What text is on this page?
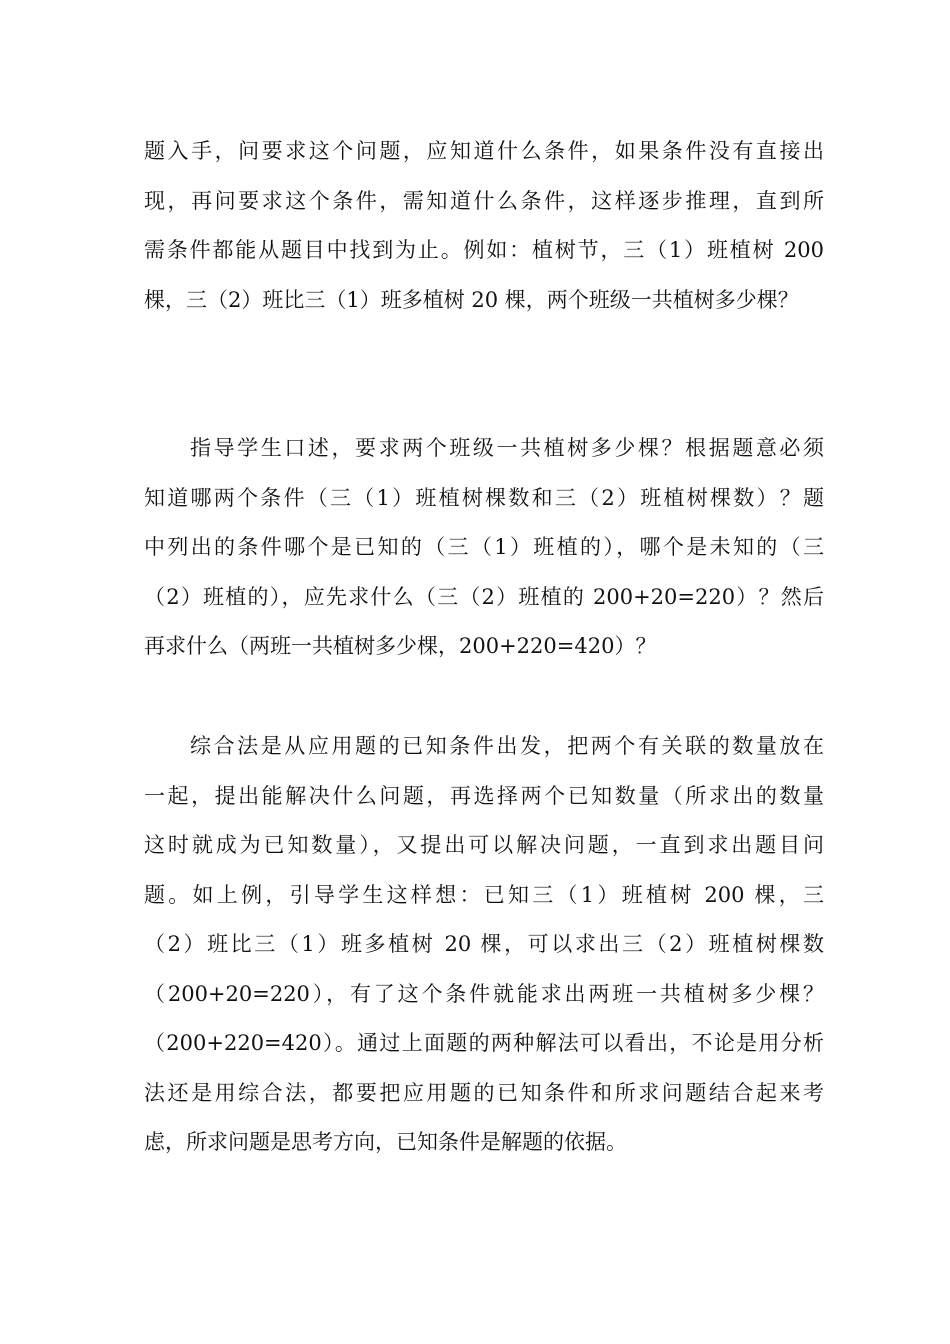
题入手，问要求这个问题，应知道什么条件，如果条件没有直接出
现，再问要求这个条件，需知道什么条件，这样逐步推理，直到所
需条件都能从题目中找到为止。例如：植树节，三（1）班植树 200
棵，三（2）班比三（1）班多植树 20 棵，两个班级一共植树多少棵？
指导学生口述，要求两个班级一共植树多少棵？根据题意必须
知道哪两个条件（三（1）班植树棵数和三（2）班植树棵数）？题
中列出的条件哪个是已知的（三（1）班植的），哪个是未知的（三
（2）班植的），应先求什么（三（2）班植的 200+20=220）？然后
再求什么（两班一共植树多少棵，200+220=420）？
综合法是从应用题的已知条件出发，把两个有关联的数量放在
一起，提出能解决什么问题，再选择两个已知数量（所求出的数量
这时就成为已知数量），又提出可以解决问题，一直到求出题目问
题。如上例，引导学生这样想：已知三（1）班植树 200 棵，三
（2）班比三（1）班多植树 20 棵，可以求出三（2）班植树棵数
（200+20=220），有了这个条件就能求出两班一共植树多少棵？
（200+220=420）。通过上面题的两种解法可以看出，不论是用分析
法还是用综合法，都要把应用题的已知条件和所求问题结合起来考
虑，所求问题是思考方向，已知条件是解题的依据。
